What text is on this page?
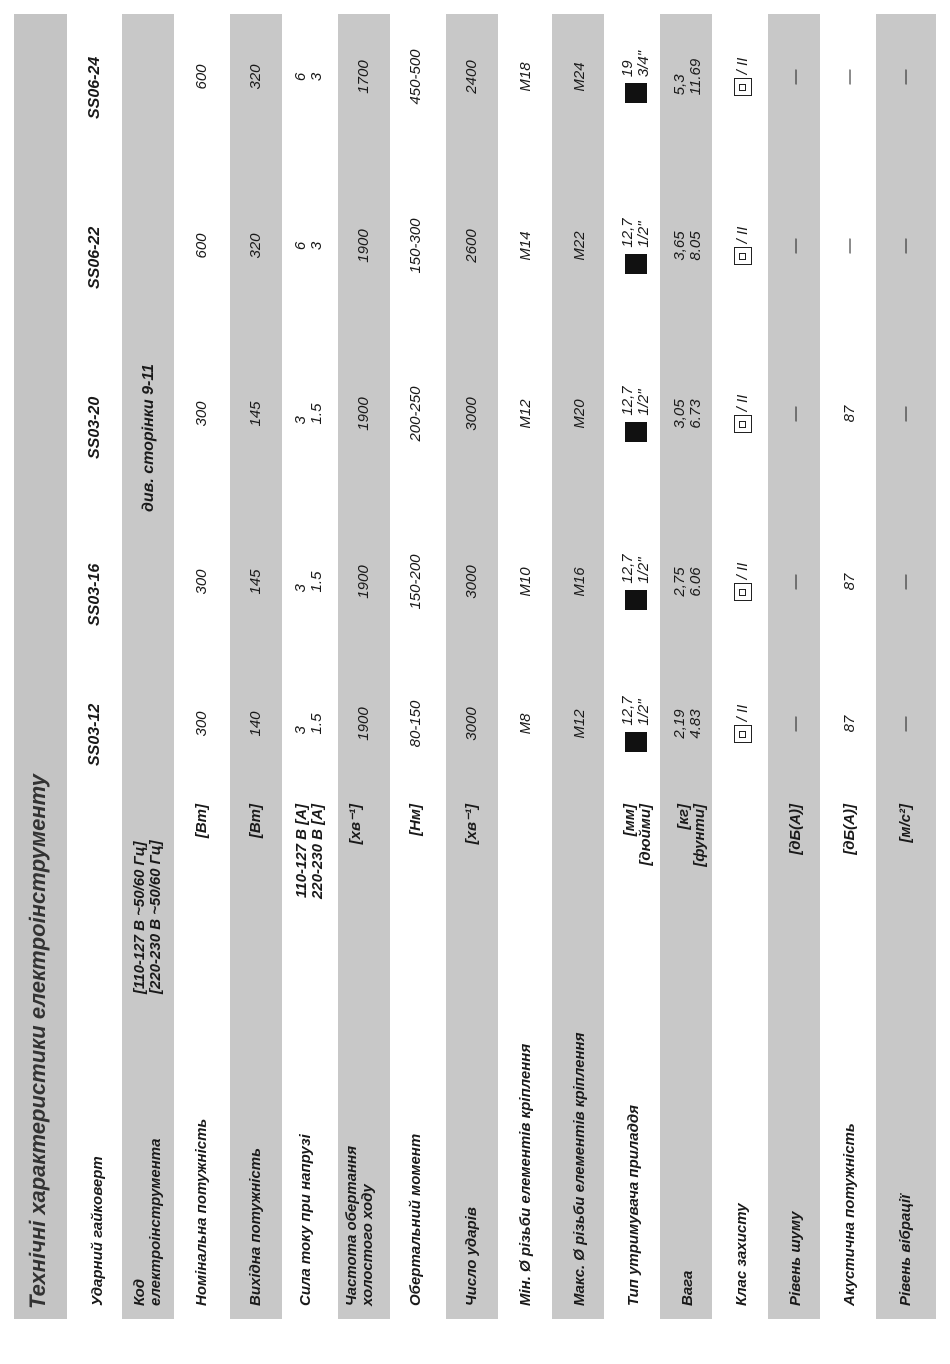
Технічні характеристики електроінструменту	Ударний гайковерт
SS03-12
SS03-16
SS03-20
SS06-22
SS06-24
Код електроінструмента
[110-127 В ~50/60 Гц] [220-230 В ~50/60 Гц]
див. сторінки 9-11
Номінальна потужність
[Вт]
300
300
300
600
600
Вихідна потужність
[Вт]
140
145
145
320
320
Сила току при напрузі
110-127 В [А] 220-230 В [А]
3 1.5
3 1.5
3 1.5
6 3
6 3
Частота обертання холостого ходу
[хв⁻¹]
1900
1900
1900
1900
1700
Обертальний момент
[Нм]
80-150
150-200
200-250
150-300
450-500
Число ударів
[хв⁻¹]
3000
3000
3000
2600
2400
Мін. Ø різьби елементів кріплення
M8
M10
M12
M14
M18
Макс. Ø різьби елементів кріплення
M12
M16
M20
M22
M24
Тип утримувача приладдя
[мм] [дюйми]
12,7 1/2"
12,7 1/2"
12,7 1/2"
12,7 1/2"
19 3/4"
Вага
[кг] [фунти]
2,19 4.83
2,75 6.06
3,05 6.73
3,65 8.05
5,3 11.69
Клас захисту
/ II
/ II
/ II
/ II
/ II
Рівень шуму
[дБ(А)]
—
—
—
—
—
Акустична потужність
[дБ(А)]
87
87
87
—
—
Рівень вібрації
[м/с²]
—
—
—
—
—
